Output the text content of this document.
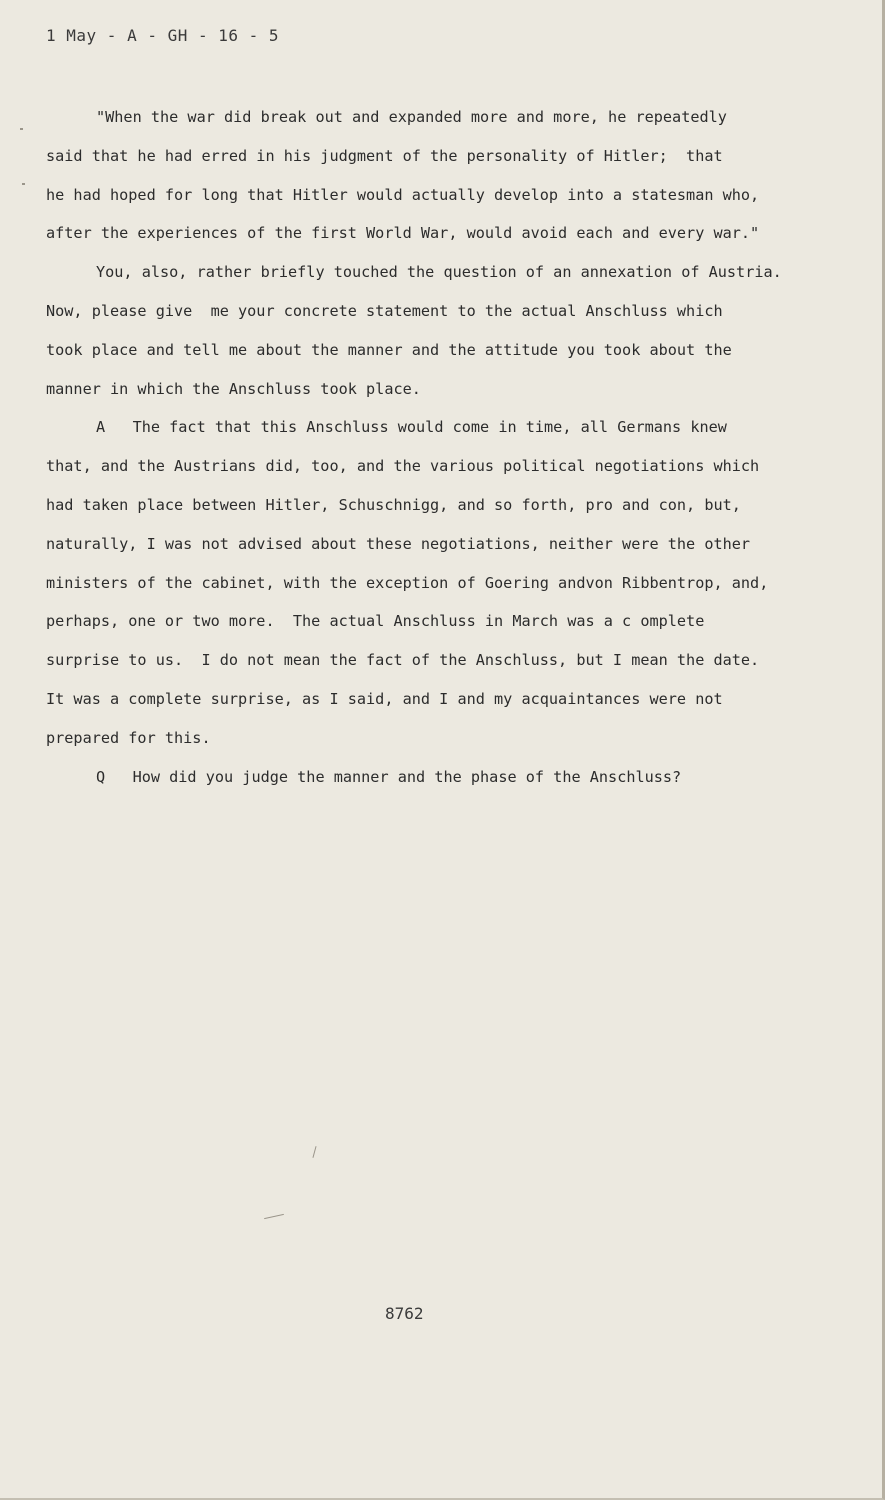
1 May - A - GH - 16 - 5
"When the war did break out and expanded more and more, he repeatedly
said that he had erred in his judgment of the personality of Hitler;  that
he had hoped for long that Hitler would actually develop into a statesman who,
after the experiences of the first World War, would avoid each and every war."
You, also, rather briefly touched the question of an annexation of Austria.
Now, please give  me your concrete statement to the actual Anschluss which
took place and tell me about the manner and the attitude you took about the
manner in which the Anschluss took place.
A   The fact that this Anschluss would come in time, all Germans knew
that, and the Austrians did, too, and the various political negotiations which
had taken place between Hitler, Schuschnigg, and so forth, pro and con, but,
naturally, I was not advised about these negotiations, neither were the other
ministers of the cabinet, with the exception of Goering andvon Ribbentrop, and,
perhaps, one or two more.  The actual Anschluss in March was a c omplete
surprise to us.  I do not mean the fact of the Anschluss, but I mean the date.
It was a complete surprise, as I said, and I and my acquaintances were not
prepared for this.
Q   How did you judge the manner and the phase of the Anschluss?
8762
